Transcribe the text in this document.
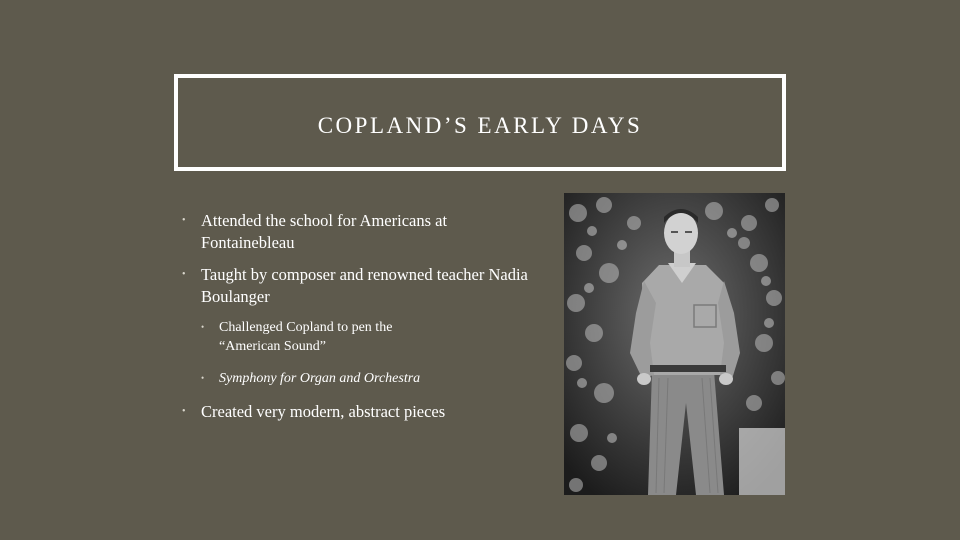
COPLAND’S EARLY DAYS
• Attended the school for Americans at Fontainebleau
• Taught by composer and renowned teacher Nadia Boulanger
• Challenged Copland to pen the “American Sound”
• Symphony for Organ and Orchestra
• Created very modern, abstract pieces
